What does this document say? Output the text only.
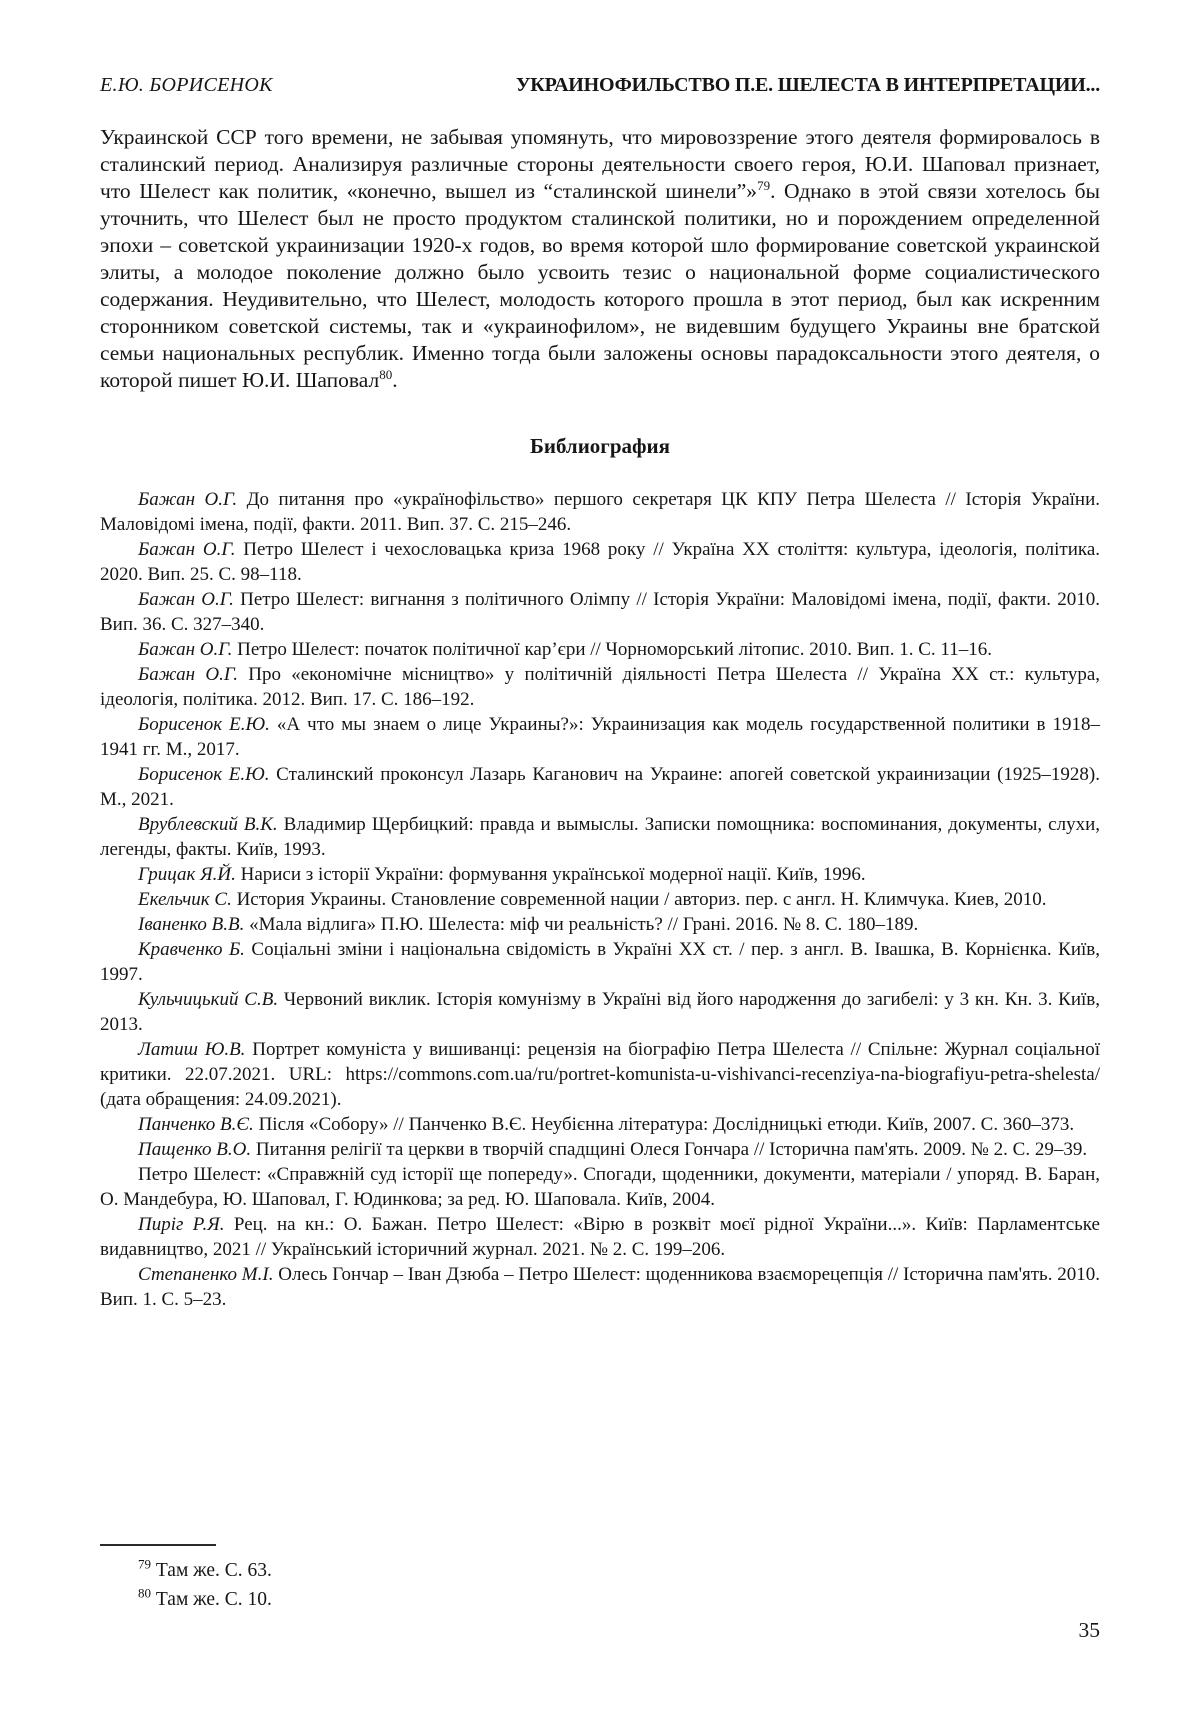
Е.Ю. БОРИСЕНОК	УКРАИНОФИЛЬСТВО П.Е. ШЕЛЕСТА В ИНТЕРПРЕТАЦИИ...

Украинской ССР того времени, не забывая упомянуть, что мировоззрение этого деятеля формировалось в сталинский период. Анализируя различные стороны деятельности своего героя, Ю.И. Шаповал признает, что Шелест как политик, «конечно, вышел из “сталинской шинели”»$^{79}$. Однако в этой связи хотелось бы уточнить, что Шелест был не просто продуктом сталинской политики, но и порождением определенной эпохи – советской украинизации 1920-х годов, во время которой шло формирование советской украинской элиты, а молодое поколение должно было усвоить тезис о национальной форме социалистического содержания. Неудивительно, что Шелест, молодость которого прошла в этот период, был как искренним сторонником советской системы, так и «украинофилом», не видевшим будущего Украины вне братской семьи национальных республик. Именно тогда были заложены основы парадоксальности этого деятеля, о которой пишет Ю.И. Шаповал$^{80}$.

Библиография

Бажан О.Г. До питання про «українофільство» першого секретаря ЦК КПУ Петра Шелеста // Історія України. Маловідомі імена, події, факти. 2011. Вип. 37. С. 215–246.

Бажан О.Г. Петро Шелест і чехословацька криза 1968 року // Україна ХХ століття: культура, ідеологія, політика. 2020. Вип. 25. С. 98–118.

Бажан О.Г. Петро Шелест: вигнання з політичного Олімпу // Історія України: Маловідомі імена, події, факти. 2010. Вип. 36. С. 327–340.

Бажан О.Г. Петро Шелест: початок політичної кар’єри // Чорноморський літопис. 2010. Вип. 1. С. 11–16.

Бажан О.Г. Про «економічне місництво» у політичній діяльності Петра Шелеста // Україна ХХ ст.: культура, ідеологія, політика. 2012. Вип. 17. С. 186–192.

Борисенок Е.Ю. «А что мы знаем о лице Украины?»: Украинизация как модель государственной политики в 1918–1941 гг. М., 2017.

Борисенок Е.Ю. Сталинский проконсул Лазарь Каганович на Украине: апогей советской украинизации (1925–1928). М., 2021.

Врублевский В.К. Владимир Щербицкий: правда и вымыслы. Записки помощника: воспоминания, документы, слухи, легенды, факты. Київ, 1993.

Грицак Я.Й. Нариси з історії України: формування української модерної нації. Київ, 1996.

Екельчик С. История Украины. Становление современной нации / авториз. пер. с англ. Н. Климчука. Киев, 2010.

Іваненко В.В. «Мала відлига» П.Ю. Шелеста: міф чи реальність? // Грані. 2016. № 8. С. 180–189.

Кравченко Б. Соціальні зміни і національна свідомість в Україні ХХ ст. / пер. з англ. В. Івашка, В. Корнієнка. Київ, 1997.

Кульчицький С.В. Червоний виклик. Історія комунізму в Україні від його народження до загибелі: у 3 кн. Кн. 3. Київ, 2013.

Латиш Ю.В. Портрет комуніста у вишиванці: рецензія на біографію Петра Шелеста // Спільне: Журнал соціальної критики. 22.07.2021. URL: https://commons.com.ua/ru/portret-komunista-u-vishivanci-recenziya-na-biografiyu-petra-shelesta/ (дата обращения: 24.09.2021).

Панченко В.Є. Після «Собору» // Панченко В.Є. Неубієнна література: Дослідницькі етюди. Київ, 2007. С. 360–373.

Пащенко В.О. Питання релігії та церкви в творчій спадщині Олеся Гончара // Історична пам'ять. 2009. № 2. С. 29–39.

Петро Шелест: «Справжній суд історії ще попереду». Спогади, щоденники, документи, матеріали / упоряд. В. Баран, О. Мандебура, Ю. Шаповал, Г. Юдинкова; за ред. Ю. Шаповала. Київ, 2004.

Пиріг Р.Я. Рец. на кн.: О. Бажан. Петро Шелест: «Вірю в розквіт моєї рідної України...». Київ: Парламентське видавництво, 2021 // Український історичний журнал. 2021. № 2. С. 199–206.

Степаненко М.І. Олесь Гончар – Іван Дзюба – Петро Шелест: щоденникова взаєморецепція // Історична пам'ять. 2010. Вип. 1. С. 5–23.

$^{79}$ Там же. С. 63.

$^{80}$ Там же. С. 10.

35
